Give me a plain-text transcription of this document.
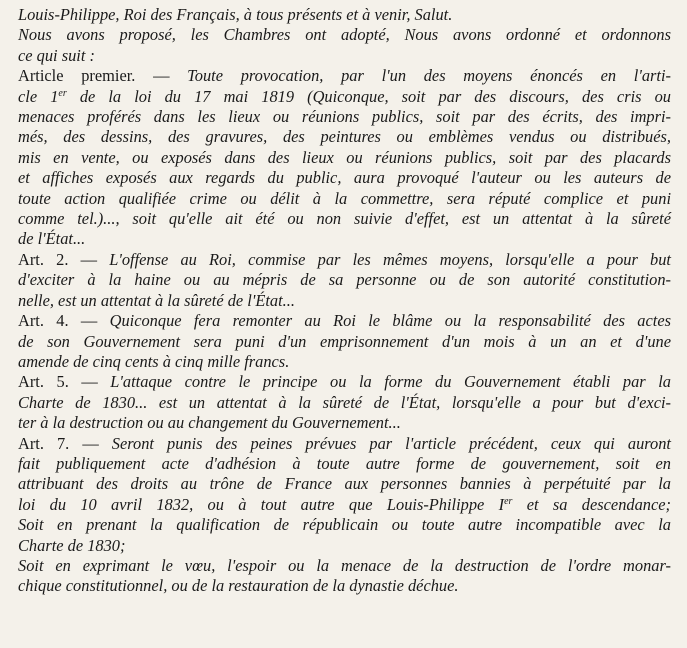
Louis-Philippe, Roi des Français, à tous présents et à venir, Salut.
Nous avons proposé, les Chambres ont adopté, Nous avons ordonné et ordonnons
ce qui suit :
Article premier. — Toute provocation, par l'un des moyens énoncés en l'arti-
cle 1er de la loi du 17 mai 1819 (Quiconque, soit par des discours, des cris ou
menaces proférés dans les lieux ou réunions publics, soit par des écrits, des impri-
més, des dessins, des gravures, des peintures ou emblèmes vendus ou distribués,
mis en vente, ou exposés dans des lieux ou réunions publics, soit par des placards
et affiches exposés aux regards du public, aura provoqué l'auteur ou les auteurs de
toute action qualifiée crime ou délit à la commettre, sera réputé complice et puni
comme tel.)..., soit qu'elle ait été ou non suivie d'effet, est un attentat à la sûreté
de l'État...
Art. 2. — L'offense au Roi, commise par les mêmes moyens, lorsqu'elle a pour but
d'exciter à la haine ou au mépris de sa personne ou de son autorité constitution-
nelle, est un attentat à la sûreté de l'État...
Art. 4. — Quiconque fera remonter au Roi le blâme ou la responsabilité des actes
de son Gouvernement sera puni d'un emprisonnement d'un mois à un an et d'une
amende de cinq cents à cinq mille francs.
Art. 5. — L'attaque contre le principe ou la forme du Gouvernement établi par la
Charte de 1830... est un attentat à la sûreté de l'État, lorsqu'elle a pour but d'exci-
ter à la destruction ou au changement du Gouvernement...
Art. 7. — Seront punis des peines prévues par l'article précédent, ceux qui auront
fait publiquement acte d'adhésion à toute autre forme de gouvernement, soit en
attribuant des droits au trône de France aux personnes bannies à perpétuité par la
loi du 10 avril 1832, ou à tout autre que Louis-Philippe Ier et sa descendance;
Soit en prenant la qualification de républicain ou toute autre incompatible avec la
Charte de 1830;
Soit en exprimant le vœu, l'espoir ou la menace de la destruction de l'ordre monar-
chique constitutionnel, ou de la restauration de la dynastie déchue.
